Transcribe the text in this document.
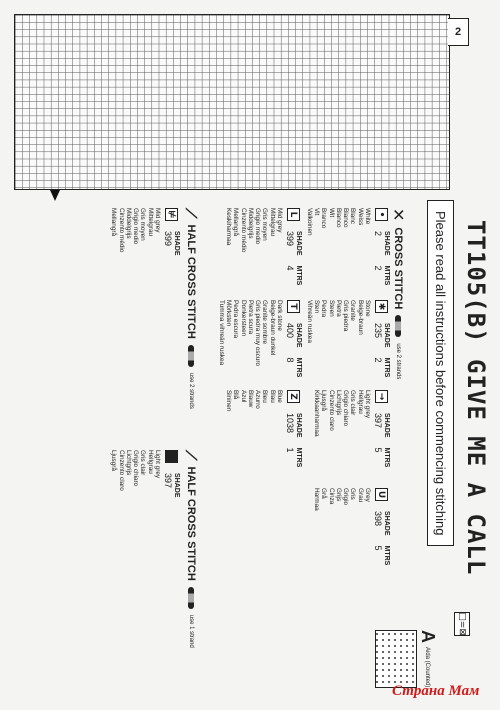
2
TT105(B) GIVE ME A CALL
Please read all instructions before commencing stitching
□=⊠
A
Aida (Counted)
✕
CROSS STITCH
use 2 strands
•
SHADE
2
MTRS
2
White
Weiss
Blanc
Bianco
Blanco
Wit
Branco
Vit
Valkoinen
✱
SHADE
235
MTRS
2
Stone
Beige-braun
Granite
Gris piedra
Pietra
Steen
Pedra
Sten
Vihreän ruskea
→
SHADE
397
MTRS
5
Light grey
Hellgrau
Gris clair
Grigio chiaro
Lichtgrijs
Cinzento claro
Ljusgrå
Kirkkaanharmaa
U
SHADE
398
MTRS
5
Grey
Grau
Gris
Grigio
Grijs
Cinza
Grå
Harmaa
L
SHADE
399
MTRS
4
Mid grey
Mittelgrau
Gris moyen
Grigio medio
Middelgrijs
Cinzento médio
Mellangrå
Keskiharmaa
T
SHADE
400
MTRS
8
Dark stone
Beige-braun dunkel
Granite sombre
Gris piedra muy oscuro
Pietra scura
Donkersteen
Pedra escura
Mörksten
Tumma vihreän ruskea
Z
SHADE
1038
MTRS
1
Blue
Blau
Bleu
Azurro
Blauw
Azul
Blå
Sininen
⟋
HALF CROSS STITCH
use 2 strands
⊭
SHADE
399
Mid grey
Mittelgrau
Gris moyen
Grigio medio
Middelgrijs
Cinzento médio
Mellangrå
⟋
HALF CROSS STITCH
use 1 strand
SHADE
397
Light grey
Hellgrau
Gris clair
Grigio chiaro
Lichtgrijs
Cinzento claro
Ljusgrå
Страна Мам
